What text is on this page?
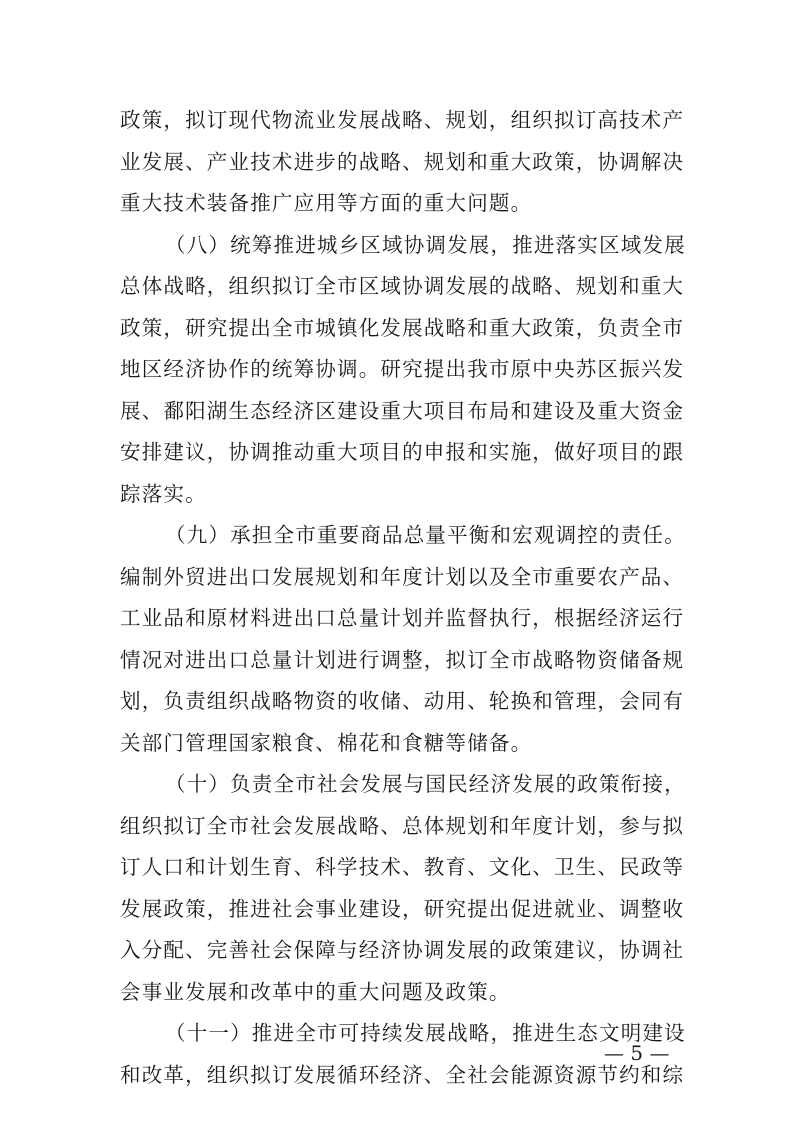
政策，拟订现代物流业发展战略、规划，组织拟订高技术产
业发展、产业技术进步的战略、规划和重大政策，协调解决
重大技术装备推广应用等方面的重大问题。
（八）统筹推进城乡区域协调发展，推进落实区域发展
总体战略，组织拟订全市区域协调发展的战略、规划和重大
政策，研究提出全市城镇化发展战略和重大政策，负责全市
地区经济协作的统筹协调。研究提出我市原中央苏区振兴发
展、鄱阳湖生态经济区建设重大项目布局和建设及重大资金
安排建议，协调推动重大项目的申报和实施，做好项目的跟
踪落实。
（九）承担全市重要商品总量平衡和宏观调控的责任。
编制外贸进出口发展规划和年度计划以及全市重要农产品、
工业品和原材料进出口总量计划并监督执行，根据经济运行
情况对进出口总量计划进行调整，拟订全市战略物资储备规
划，负责组织战略物资的收储、动用、轮换和管理，会同有
关部门管理国家粮食、棉花和食糖等储备。
（十）负责全市社会发展与国民经济发展的政策衔接，
组织拟订全市社会发展战略、总体规划和年度计划，参与拟
订人口和计划生育、科学技术、教育、文化、卫生、民政等
发展政策，推进社会事业建设，研究提出促进就业、调整收
入分配、完善社会保障与经济协调发展的政策建议，协调社
会事业发展和改革中的重大问题及政策。
（十一）推进全市可持续发展战略，推进生态文明建设
和改革，组织拟订发展循环经济、全社会能源资源节约和综
— 5 —
